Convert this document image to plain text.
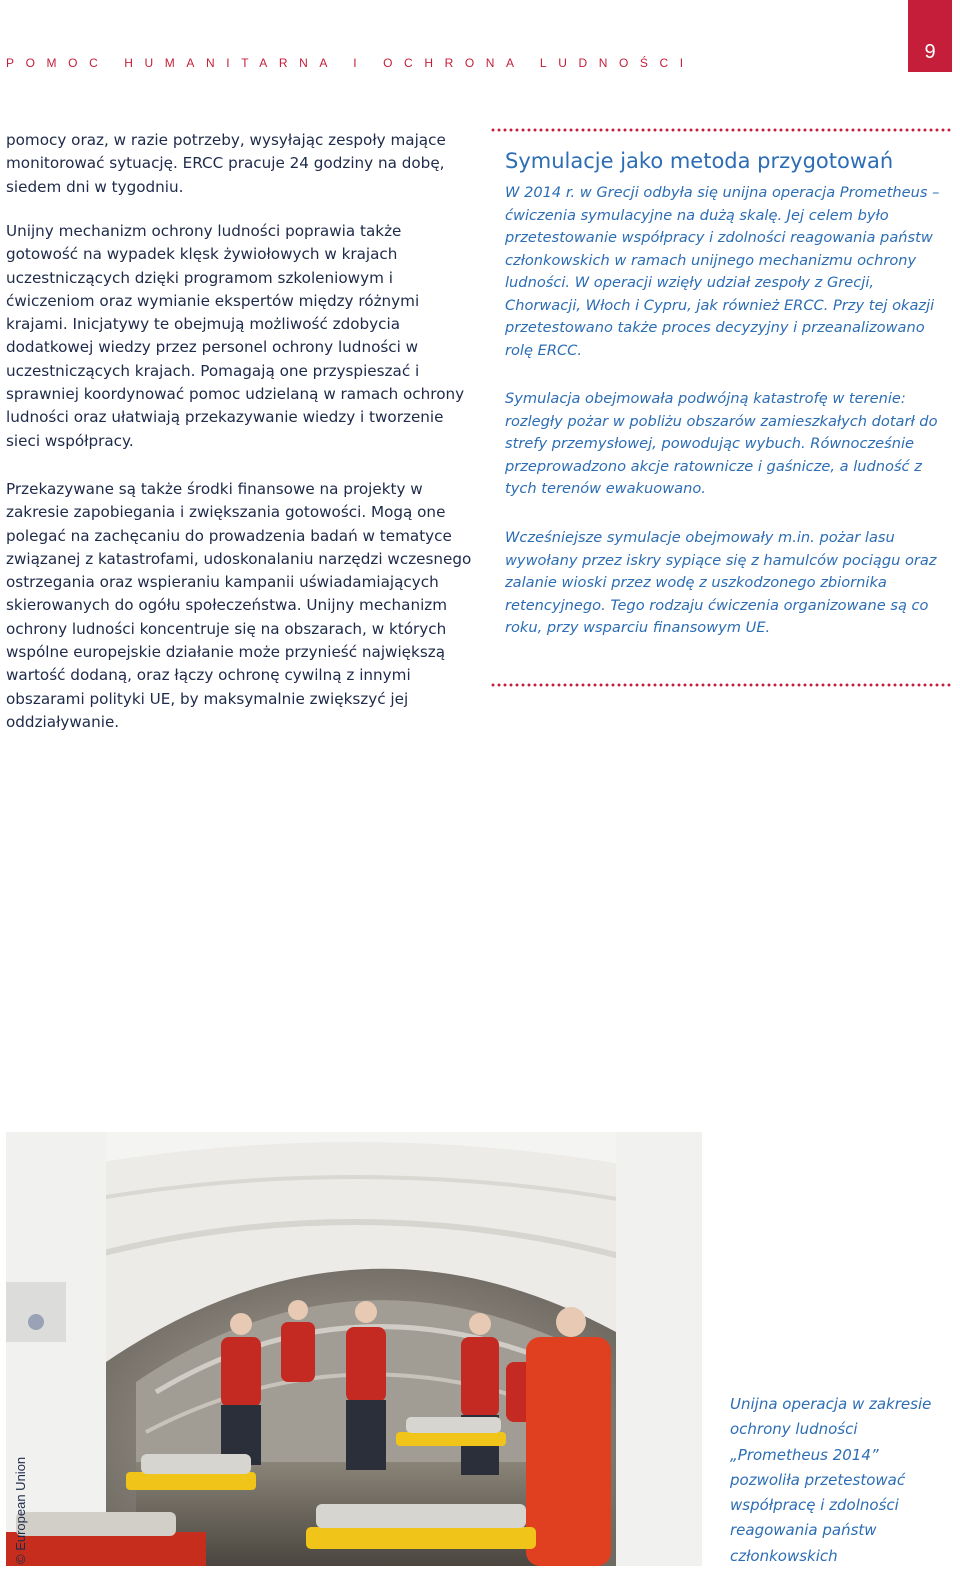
POMOC HUMANITARNA I OCHRONA LUDNOŚCI	9

pomocy oraz, w razie potrzeby, wysyłając zespoły mające monitorować sytuację. ERCC pracuje 24 godziny na dobę, siedem dni w tygodniu.

Unijny mechanizm ochrony ludności poprawia także gotowość na wypadek klęsk żywiołowych w krajach uczestniczących dzięki programom szkoleniowym i ćwiczeniom oraz wymianie ekspertów między różnymi krajami. Inicjatywy te obejmują możliwość zdobycia dodatkowej wiedzy przez personel ochrony ludności w uczestniczących krajach. Pomagają one przyspieszać i sprawniej koordynować pomoc udzielaną w ramach ochrony ludności oraz ułatwiają przekazywanie wiedzy i tworzenie sieci współpracy.

Przekazywane są także środki finansowe na projekty w zakresie zapobiegania i zwiększania gotowości. Mogą one polegać na zachęcaniu do prowadzenia badań w tematyce związanej z katastrofami, udoskonalaniu narzędzi wczesnego ostrzegania oraz wspieraniu kampanii uświadamiających skierowanych do ogółu społeczeństwa. Unijny mechanizm ochrony ludności koncentruje się na obszarach, w których wspólne europejskie działanie może przynieść największą wartość dodaną, oraz łączy ochronę cywilną z innymi obszarami polityki UE, by maksymalnie zwiększyć jej oddziaływanie.

Symulacje jako metoda przygotowań
W 2014 r. w Grecji odbyła się unijna operacja Prometheus – ćwiczenia symulacyjne na dużą skalę. Jej celem było przetestowanie współpracy i zdolności reagowania państw członkowskich w ramach unijnego mechanizmu ochrony ludności. W operacji wzięły udział zespoły z Grecji, Chorwacji, Włoch i Cypru, jak również ERCC. Przy tej okazji przetestowano także proces decyzyjny i przeanalizowano rolę ERCC.
Symulacja obejmowała podwójną katastrofę w terenie: rozległy pożar w pobliżu obszarów zamieszkałych dotarł do strefy przemysłowej, powodując wybuch. Równocześnie przeprowadzono akcje ratownicze i gaśnicze, a ludność z tych terenów ewakuowano.
Wcześniejsze symulacje obejmowały m.in. pożar lasu wywołany przez iskry sypiące się z hamulców pociągu oraz zalanie wioski przez wodę z uszkodzonego zbiornika retencyjnego. Tego rodzaju ćwiczenia organizowane są co roku, przy wsparciu finansowym UE.
© European Union
Unijna operacja w zakresie ochrony ludności „Prometheus 2014” pozwoliła przetestować współpracę i zdolności reagowania państw członkowskich
